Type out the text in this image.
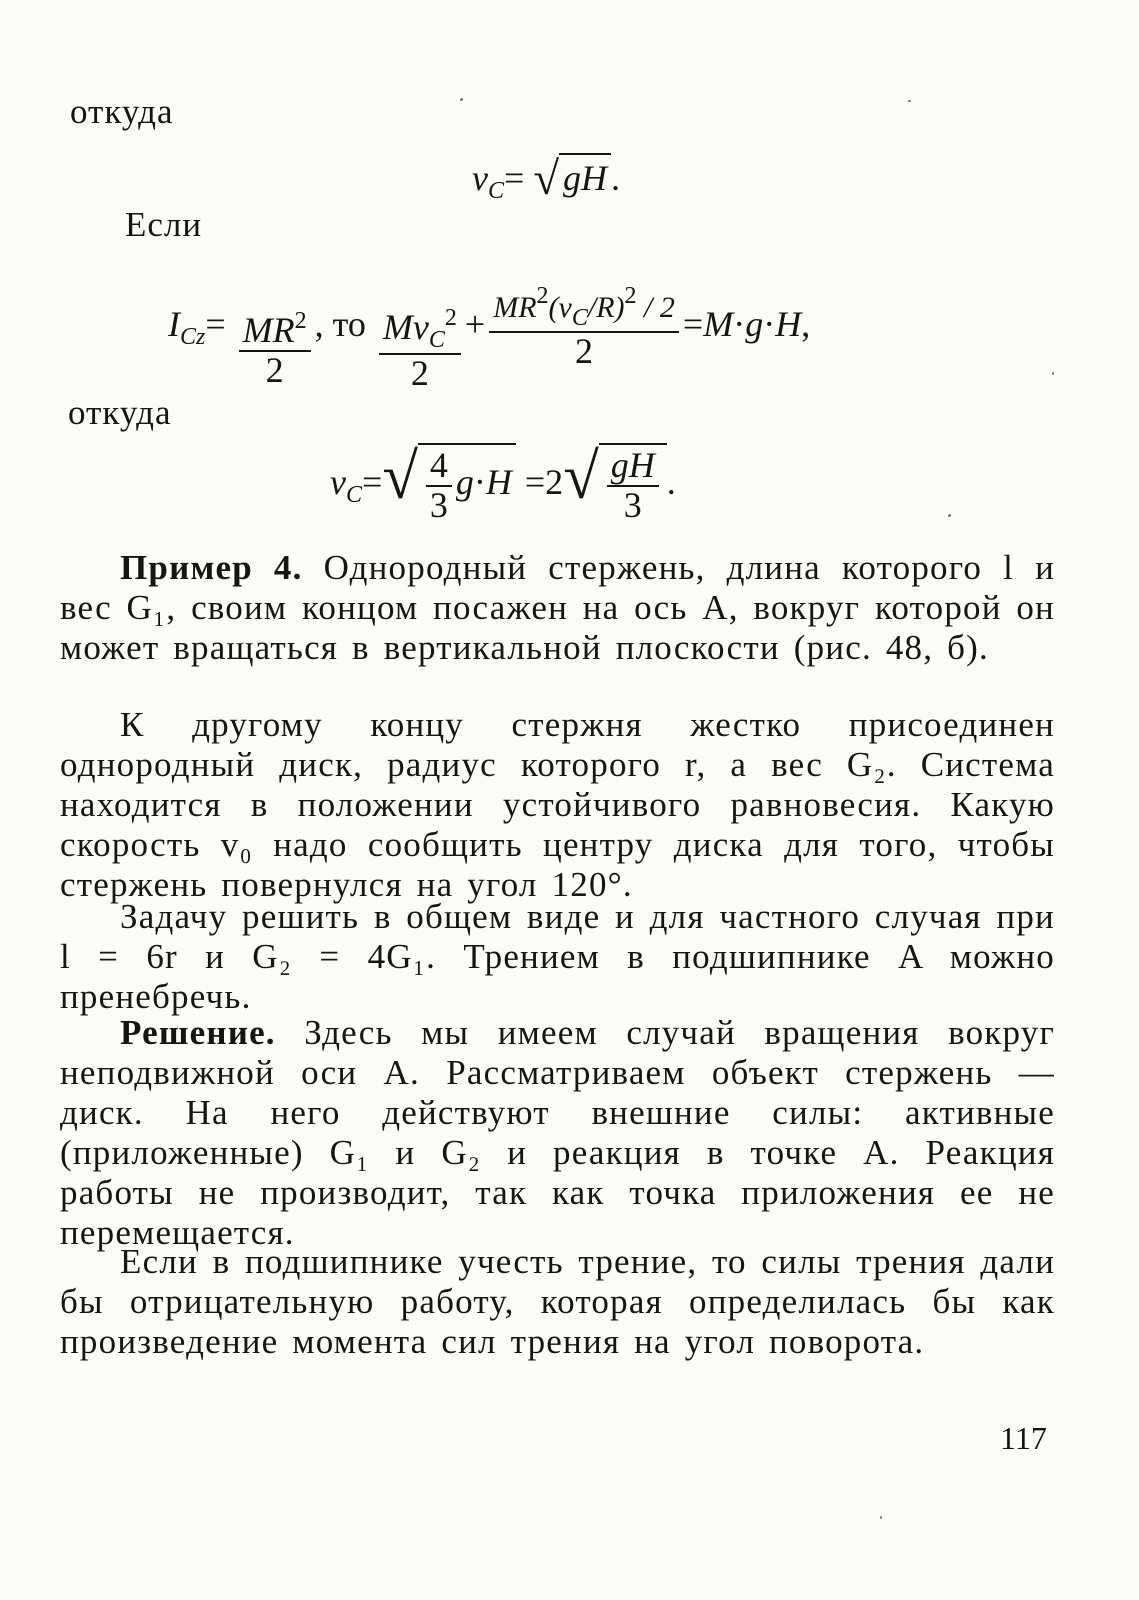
откуда
$v_C=$ √ gH .
Если
$I_{Cz}= \frac{MR^2}{2}$ , то $\frac{Mv_C^2}{2} + \frac{MR^2(v_C/R)^2 / 2}{2} =M\cdot g\cdot H$,
откуда
$v_C=√ \frac{4}{3} g\cdot H =2√ \frac{gH}{3}$ .
Пример 4. Однородный стержень, длина которого l и вес G₁, своим концом посажен на ось A, вокруг которой он может вращаться в вертикальной плоскости (рис. 48, б).
К другому концу стержня жестко присоединен однородный диск, радиус которого r, а вес G₂. Система находится в положении устойчивого равновесия. Какую скорость v₀ надо сообщить центру диска для того, чтобы стержень повернулся на угол 120°.
Задачу решить в общем виде и для частного случая при l = 6r и G₂ = 4G₁. Трением в подшипнике A можно пренебречь.
Решение. Здесь мы имеем случай вращения вокруг неподвижной оси A. Рассматриваем объект стержень — диск. На него действуют внешние силы: активные (приложенные) G₁ и G₂ и реакция в точке A. Реакция работы не производит, так как точка приложения ее не перемещается.
Если в подшипнике учесть трение, то силы трения дали бы отрицательную работу, которая определилась бы как произведение момента сил трения на угол поворота.
117
